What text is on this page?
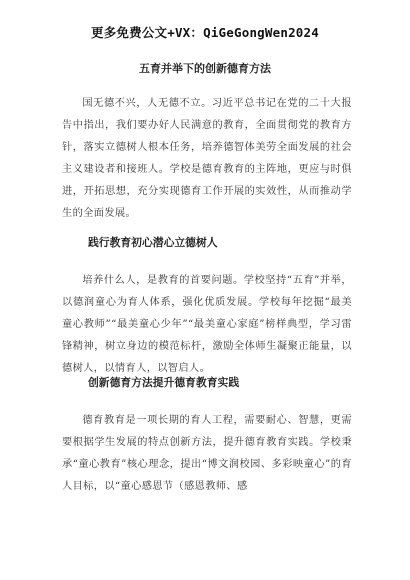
更多免费公文+VX：QiGeGongWen2024
五育并举下的创新德育方法

国无德不兴，人无德不立。习近平总书记在党的二十大报告中指出，我们要办好人民满意的教育，全面贯彻党的教育方针，落实立德树人根本任务，培养德智体美劳全面发展的社会主义建设者和接班人。学校是德育教育的主阵地，更应与时俱进，开拓思想，充分实现德育工作开展的实效性，从而推动学生的全面发展。

践行教育初心潜心立德树人

培养什么人，是教育的首要问题。学校坚持“五育”并举，以德润童心为育人体系，强化优质发展。学校每年挖掘“最美童心教师”“最美童心少年”“最美童心家庭”榜样典型，学习雷锋精神，树立身边的模范标杆，激励全体师生凝聚正能量，以德树人，以情育人，以智启人。

创新德育方法提升德育教育实践

德育教育是一项长期的育人工程，需要耐心、智慧，更需要根据学生发展的特点创新方法，提升德育教育实践。学校秉承“童心教育”核心理念，提出“博文润校园、多彩映童心”的育人目标，以“童心感恩节（感恩教师、感
